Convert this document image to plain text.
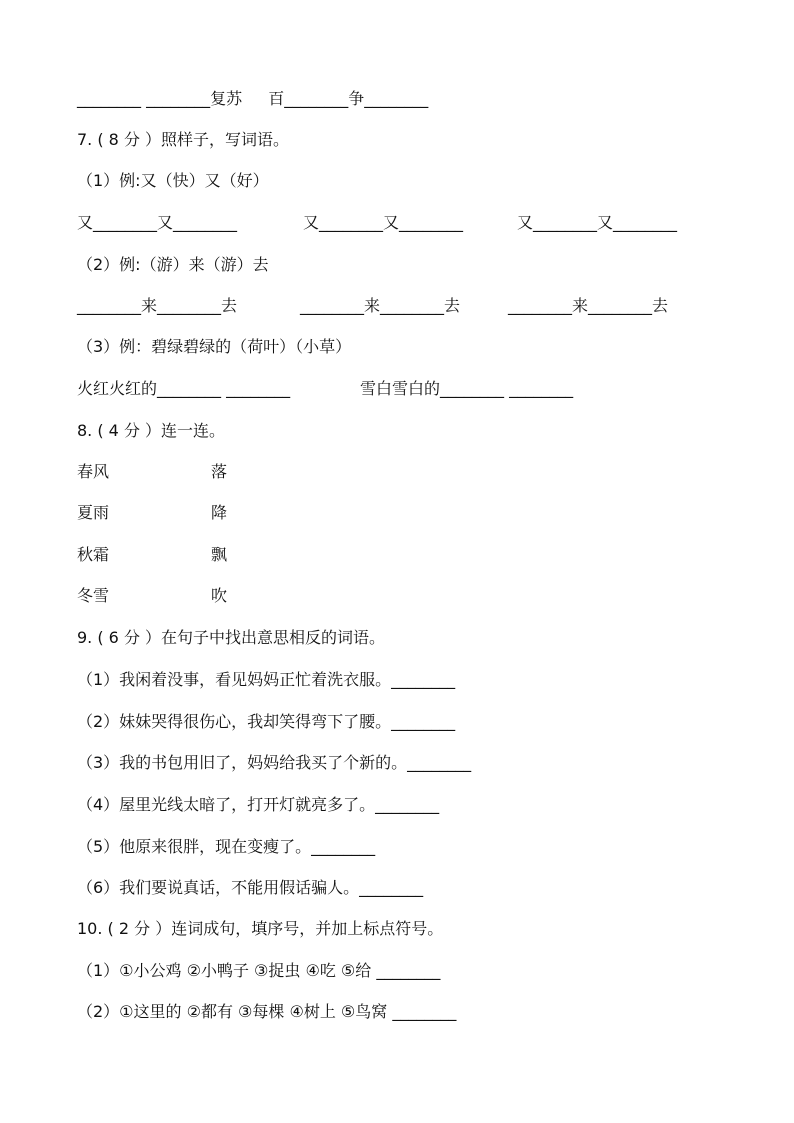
________ ________复苏　  百________争________
7. ( 8 分 ）照样子，写词语。
（1）例:又（快）又（好）
又________又________	又________又________	又________又________
（2）例:（游）来（游）去
________来________去	________来________去	________来________去
（3）例：碧绿碧绿的（荷叶）（小草）
火红火红的________ ________	雪白雪白的________ ________
8. ( 4 分 ）连一连。
春风	落
夏雨	降
秋霜	飘
冬雪	吹
9. ( 6 分 ）在句子中找出意思相反的词语。
（1）我闲着没事，看见妈妈正忙着洗衣服。________
（2）妹妹哭得很伤心，我却笑得弯下了腰。________
（3）我的书包用旧了，妈妈给我买了个新的。________
（4）屋里光线太暗了，打开灯就亮多了。________
（5）他原来很胖，现在变瘦了。________
（6）我们要说真话，不能用假话骗人。________
10. ( 2 分 ）连词成句，填序号，并加上标点符号。
（1）①小公鸡 ②小鸭子 ③捉虫 ④吃 ⑤给 ________
（2）①这里的 ②都有 ③每棵 ④树上 ⑤鸟窝 ________
